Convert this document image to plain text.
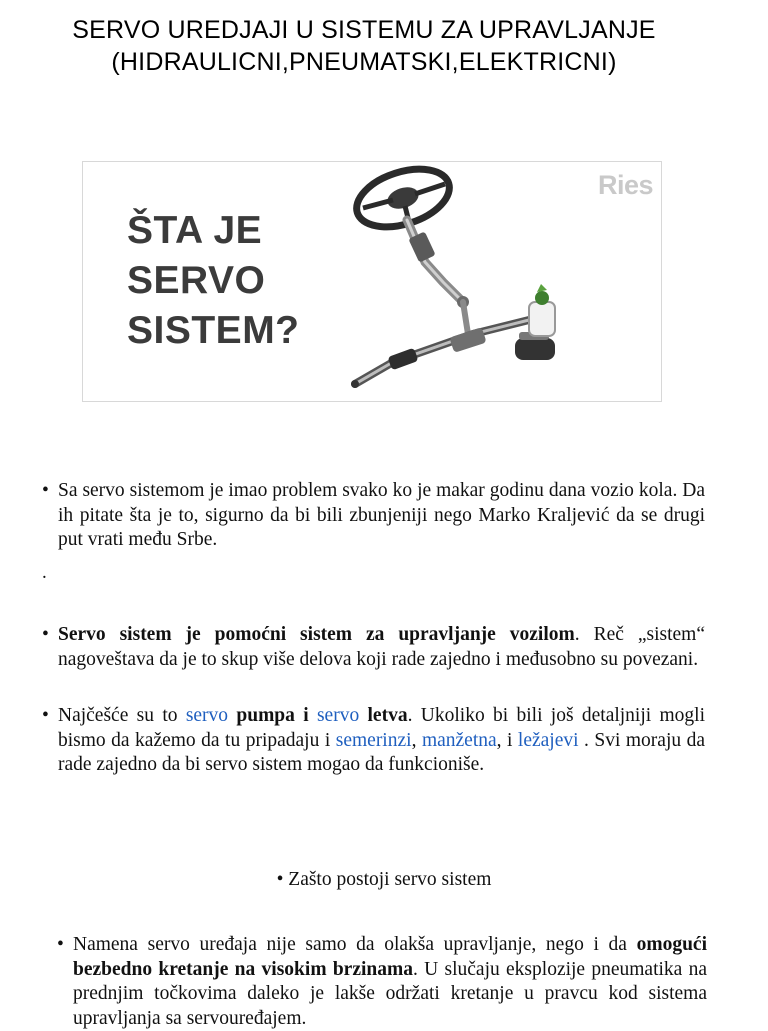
SERVO UREDJAJI U SISTEMU ZA UPRAVLJANJE
(HIDRAULICNI,PNEUMATSKI,ELEKTRICNI)
ŠTA JE
SERVO
SISTEM?
Ries
• Sa servo sistemom je imao problem svako ko je makar godinu dana vozio kola. Da ih pitate šta je to, sigurno da bi bili zbunjeniji nego Marko Kraljević da se drugi put vrati među Srbe.
.
• Servo sistem je pomoćni sistem za upravljanje vozilom. Reč „sistem“ nagoveštava da je to skup više delova koji rade zajedno i međusobno su povezani.
• Najčešće su to servo pumpa i servo letva. Ukoliko bi bili još detaljniji mogli bismo da kažemo da tu pripadaju i semerinzi, manžetna, i ležajevi . Svi moraju da rade zajedno da bi servo sistem mogao da funkcioniše.
• Zašto postoji servo sistem
• Namena servo uređaja nije samo da olakša upravljanje, nego i da omogući bezbedno kretanje na visokim brzinama. U slučaju eksplozije pneumatika na prednjim točkovima daleko je lakše održati kretanje u pravcu kod sistema upravljanja sa servouređajem.
